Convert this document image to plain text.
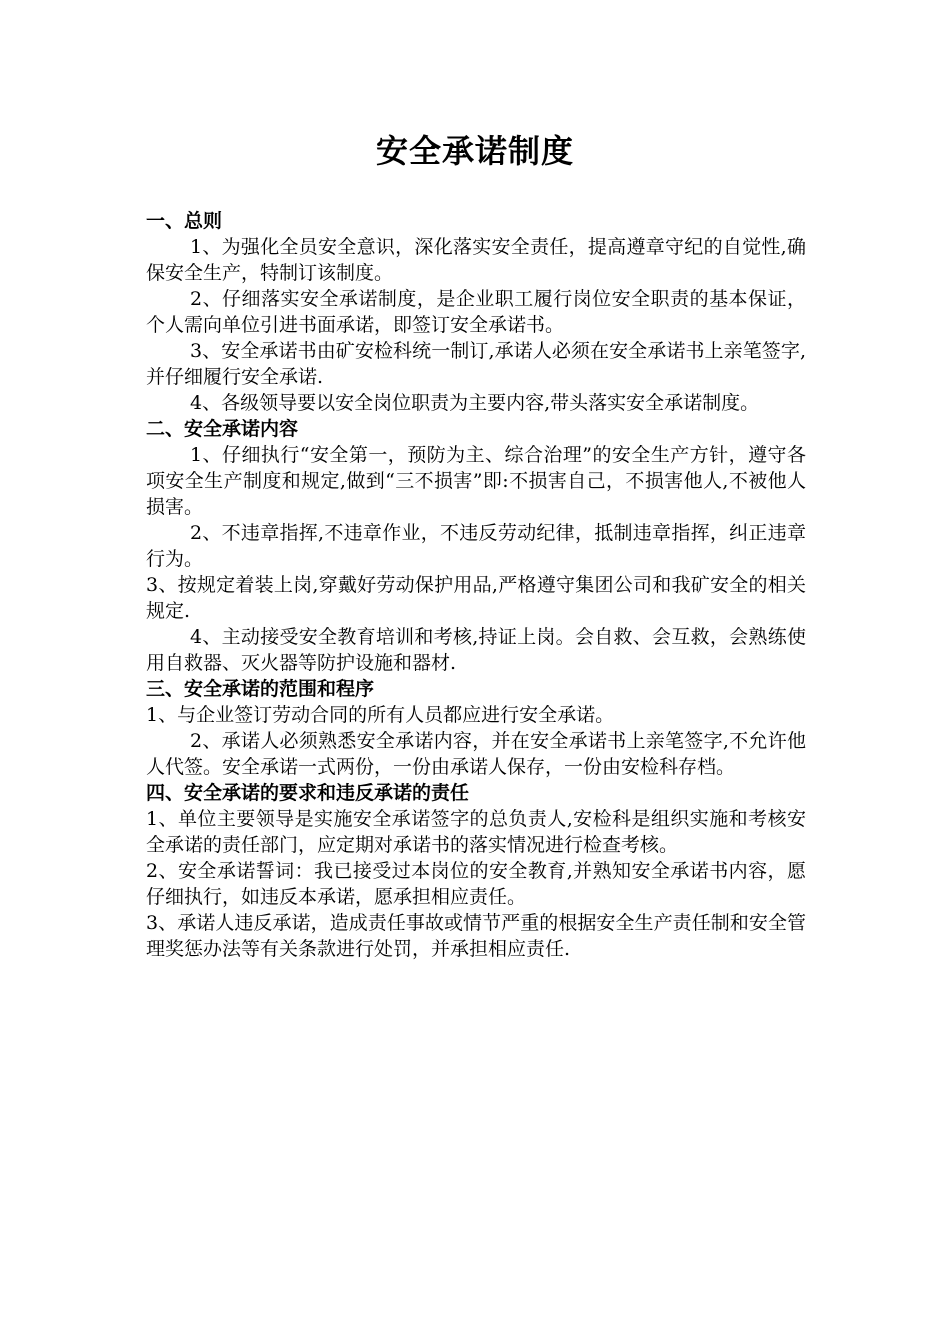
安全承诺制度
一、总则

1、为强化全员安全意识，深化落实安全责任，提高遵章守纪的自觉性,确保安全生产，特制订该制度。

2、仔细落实安全承诺制度，是企业职工履行岗位安全职责的基本保证，个人需向单位引进书面承诺，即签订安全承诺书。

3、安全承诺书由矿安检科统一制订,承诺人必须在安全承诺书上亲笔签字,并仔细履行安全承诺.

4、各级领导要以安全岗位职责为主要内容,带头落实安全承诺制度。

二、安全承诺内容

1、仔细执行“安全第一，预防为主、综合治理”的安全生产方针，遵守各项安全生产制度和规定,做到“三不损害”即:不损害自己，不损害他人,不被他人损害。

2、不违章指挥,不违章作业，不违反劳动纪律，抵制违章指挥，纠正违章行为。

3、按规定着装上岗,穿戴好劳动保护用品,严格遵守集团公司和我矿安全的相关规定.

4、主动接受安全教育培训和考核,持证上岗。会自救、会互救，会熟练使用自救器、灭火器等防护设施和器材.

三、安全承诺的范围和程序

1、与企业签订劳动合同的所有人员都应进行安全承诺。

2、承诺人必须熟悉安全承诺内容，并在安全承诺书上亲笔签字,不允许他人代签。安全承诺一式两份，一份由承诺人保存，一份由安检科存档。

四、安全承诺的要求和违反承诺的责任

1、单位主要领导是实施安全承诺签字的总负责人,安检科是组织实施和考核安全承诺的责任部门，应定期对承诺书的落实情况进行检查考核。

2、安全承诺誓词：我已接受过本岗位的安全教育,并熟知安全承诺书内容，愿仔细执行，如违反本承诺，愿承担相应责任。

3、承诺人违反承诺，造成责任事故或情节严重的根据安全生产责任制和安全管理奖惩办法等有关条款进行处罚，并承担相应责任.
